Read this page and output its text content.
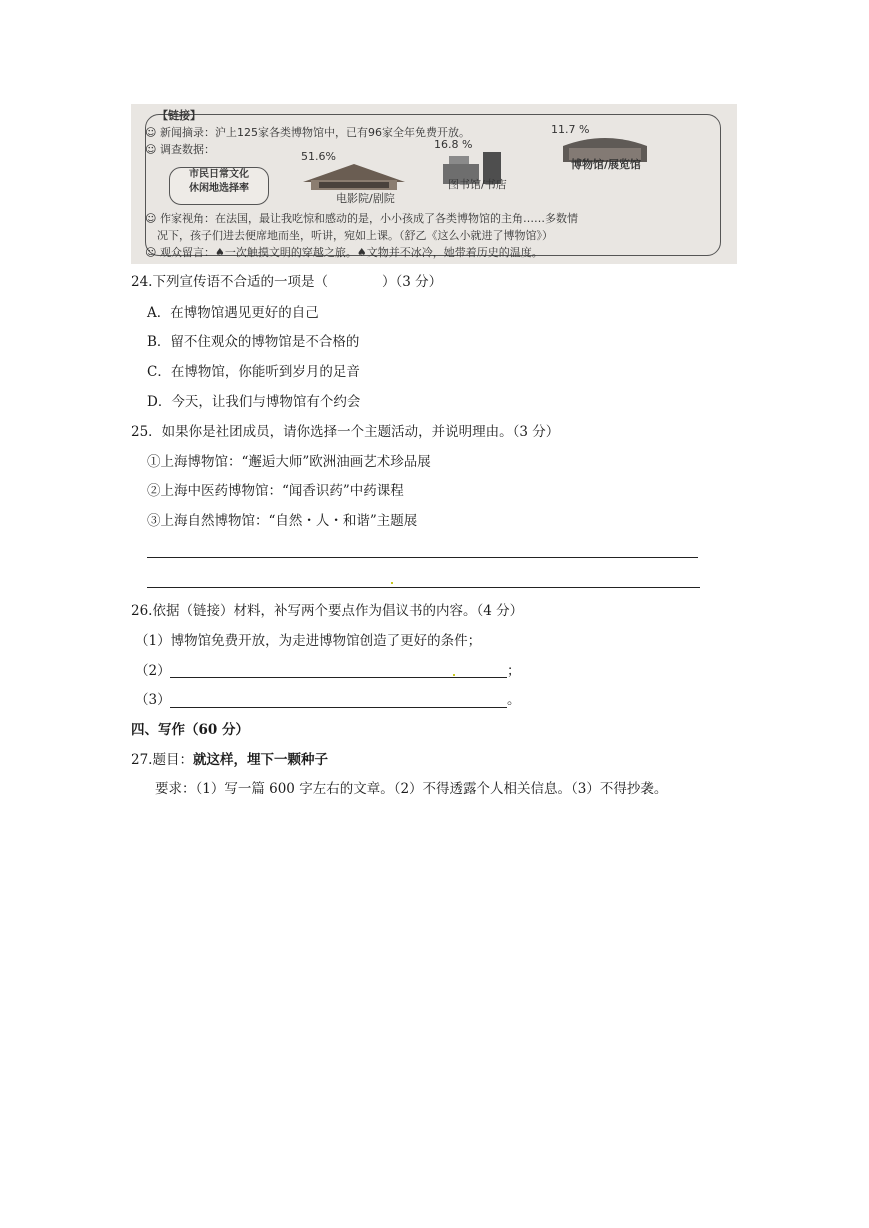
【链接】
☺ 新闻摘录：沪上125家各类博物馆中，已有96家全年免费开放。
☺ 调查数据：
市民日常文化
休闲地选择率
51.6%
电影院/剧院
16.8 %
图书馆/书店
11.7 %
博物馆/展览馆
☺ 作家视角：在法国，最让我吃惊和感动的是，小小孩成了各类博物馆的主角……多数情
况下，孩子们进去便席地而坐，听讲，宛如上课。（舒乙《这么小就进了博物馆》）
☺ 观众留言：♠一次触摸文明的穿越之旅。♠文物并不冰冷，她带着历史的温度。
24.下列宣传语不合适的一项是（　　　　）（3 分）
A．在博物馆遇见更好的自己
B．留不住观众的博物馆是不合格的
C．在博物馆，你能听到岁月的足音
D．今天，让我们与博物馆有个约会
25．如果你是社团成员，请你选择一个主题活动，并说明理由。（3 分）
①上海博物馆：“邂逅大师”欧洲油画艺术珍品展
②上海中医药博物馆：“闻香识药”中药课程
③上海自然博物馆：“自然・人・和谐”主题展
26.依据（链接）材料，补写两个要点作为倡议书的内容。（4 分）
（1）博物馆免费开放，为走进博物馆创造了更好的条件；
（2）	；
（3）	。
四、写作（60 分）
27.题目：就这样，埋下一颗种子
要求：（1）写一篇 600 字左右的文章。（2）不得透露个人相关信息。（3）不得抄袭。
